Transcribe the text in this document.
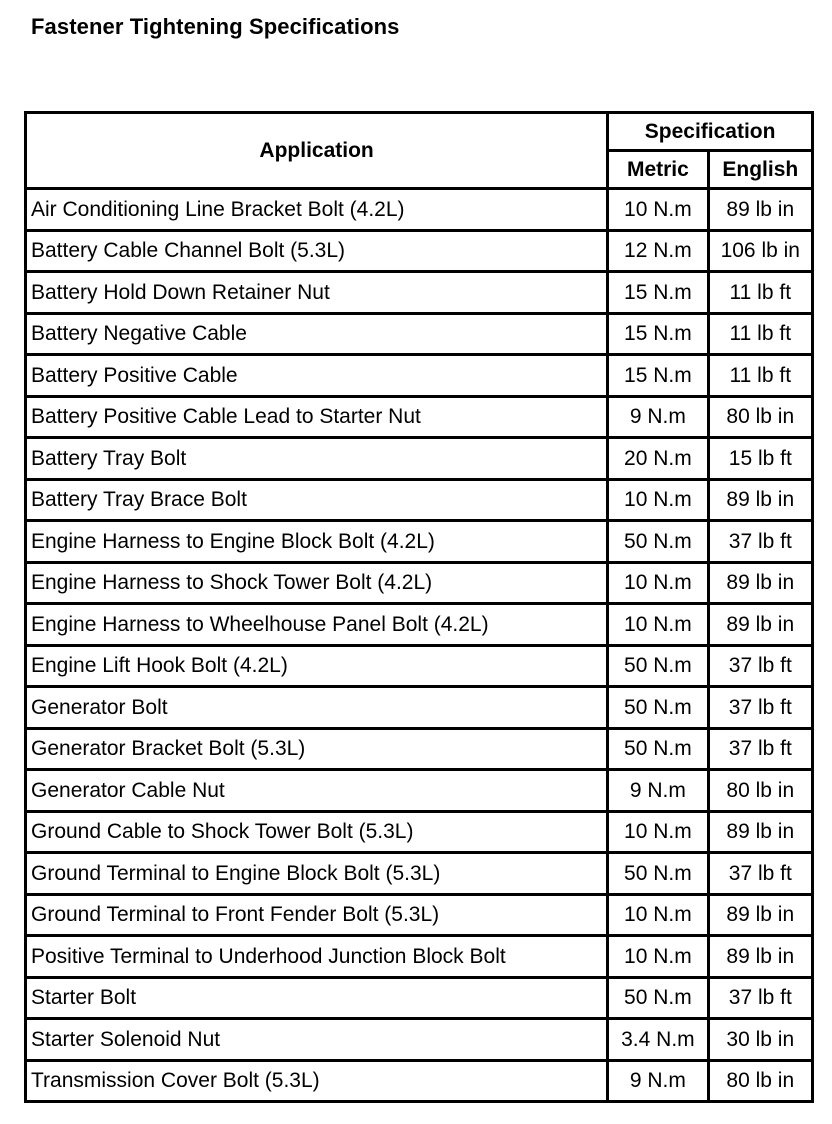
Fastener Tightening Specifications
Application	Specification	
	Metric	English
Air Conditioning Line Bracket Bolt (4.2L)	10 N.m	89 lb in
Battery Cable Channel Bolt (5.3L)	12 N.m	106 lb in
Battery Hold Down Retainer Nut	15 N.m	11 lb ft
Battery Negative Cable	15 N.m	11 lb ft
Battery Positive Cable	15 N.m	11 lb ft
Battery Positive Cable Lead to Starter Nut	9 N.m	80 lb in
Battery Tray Bolt	20 N.m	15 lb ft
Battery Tray Brace Bolt	10 N.m	89 lb in
Engine Harness to Engine Block Bolt (4.2L)	50 N.m	37 lb ft
Engine Harness to Shock Tower Bolt (4.2L)	10 N.m	89 lb in
Engine Harness to Wheelhouse Panel Bolt (4.2L)	10 N.m	89 lb in
Engine Lift Hook Bolt (4.2L)	50 N.m	37 lb ft
Generator Bolt	50 N.m	37 lb ft
Generator Bracket Bolt (5.3L)	50 N.m	37 lb ft
Generator Cable Nut	9 N.m	80 lb in
Ground Cable to Shock Tower Bolt (5.3L)	10 N.m	89 lb in
Ground Terminal to Engine Block Bolt (5.3L)	50 N.m	37 lb ft
Ground Terminal to Front Fender Bolt (5.3L)	10 N.m	89 lb in
Positive Terminal to Underhood Junction Block Bolt	10 N.m	89 lb in
Starter Bolt	50 N.m	37 lb ft
Starter Solenoid Nut	3.4 N.m	30 lb in
Transmission Cover Bolt (5.3L)	9 N.m	80 lb in
